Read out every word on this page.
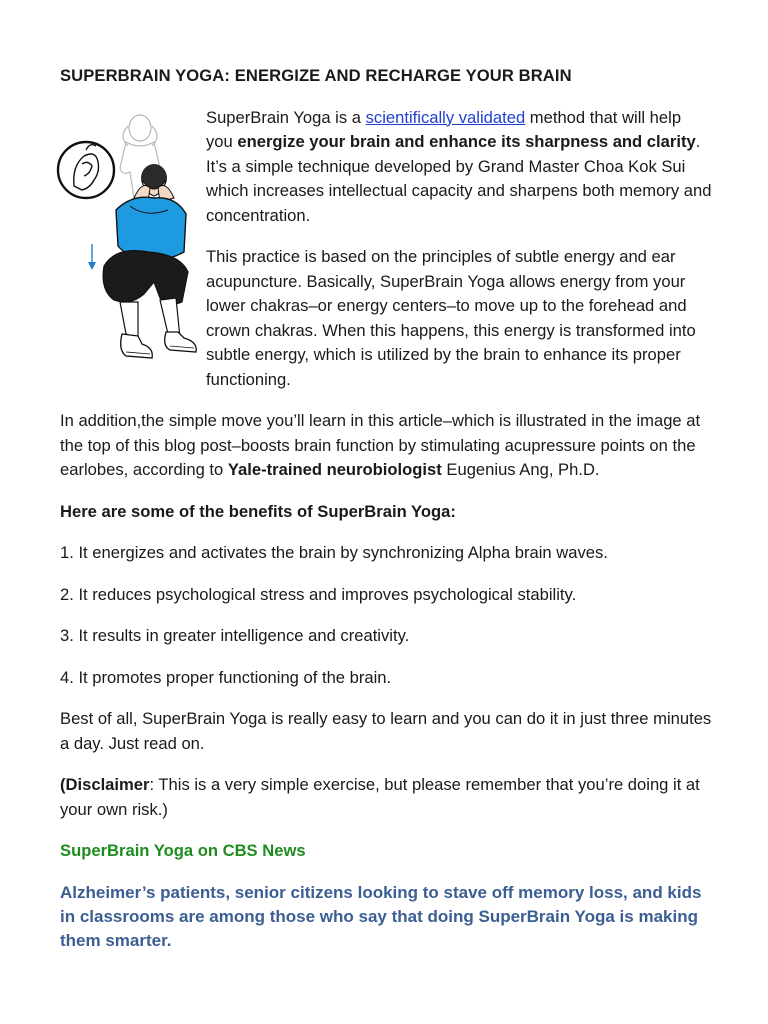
SUPERBRAIN YOGA: ENERGIZE AND RECHARGE YOUR BRAIN

SuperBrain Yoga is a scientifically validated method that will help you energize your brain and enhance its sharpness and clarity. It’s a simple technique developed by Grand Master Choa Kok Sui which increases intellectual capacity and sharpens both memory and concentration.

This practice is based on the principles of subtle energy and ear acupuncture. Basically, SuperBrain Yoga allows energy from your lower chakras–or energy centers–to move up to the forehead and crown chakras. When this happens, this energy is transformed into subtle energy, which is utilized by the brain to enhance its proper functioning.

In addition,the simple move you’ll learn in this article–which is illustrated in the image at the top of this blog post–boosts brain function by stimulating acupressure points on the earlobes, according to Yale-trained neurobiologist Eugenius Ang, Ph.D.

Here are some of the benefits of SuperBrain Yoga:

1. It energizes and activates the brain by synchronizing Alpha brain waves.

2. It reduces psychological stress and improves psychological stability.

3. It results in greater intelligence and creativity.

4. It promotes proper functioning of the brain.

Best of all, SuperBrain Yoga is really easy to learn and you can do it in just three minutes a day. Just read on.

(Disclaimer: This is a very simple exercise, but please remember that you’re doing it at your own risk.)

SuperBrain Yoga on CBS News

Alzheimer’s patients, senior citizens looking to stave off memory loss, and kids in classrooms are among those who say that doing SuperBrain Yoga is making them smarter.
